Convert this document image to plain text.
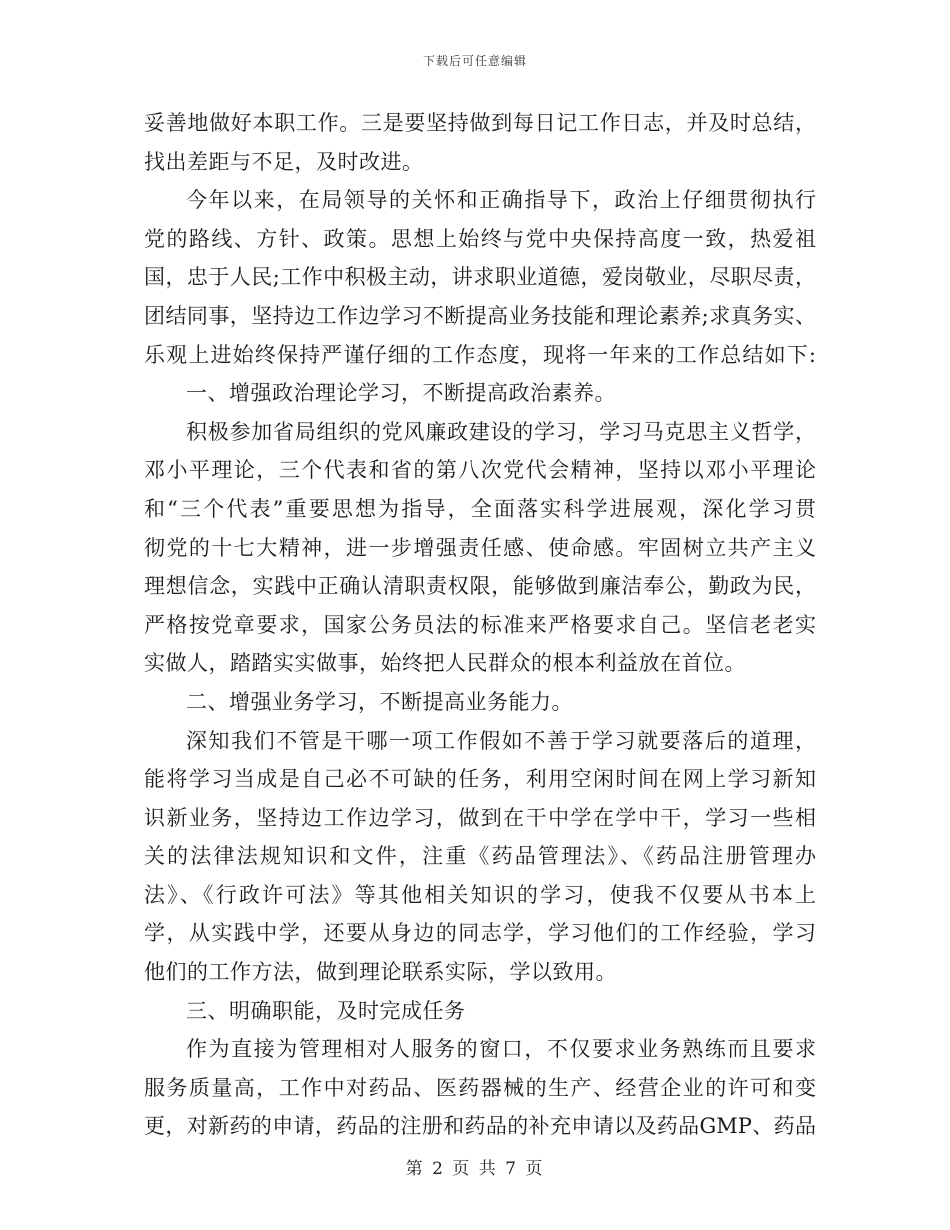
下载后可任意编辑
妥善地做好本职工作。三是要坚持做到每日记工作日志，并及时总结，
找出差距与不足，及时改进。
今年以来，在局领导的关怀和正确指导下，政治上仔细贯彻执行
党的路线、方针、政策。思想上始终与党中央保持高度一致，热爱祖
国，忠于人民;工作中积极主动，讲求职业道德，爱岗敬业，尽职尽责，
团结同事，坚持边工作边学习不断提高业务技能和理论素养;求真务实、
乐观上进始终保持严谨仔细的工作态度，现将一年来的工作总结如下:
一、增强政治理论学习，不断提高政治素养。
积极参加省局组织的党风廉政建设的学习，学习马克思主义哲学，
邓小平理论，三个代表和省的第八次党代会精神，坚持以邓小平理论
和“三个代表”重要思想为指导，全面落实科学进展观，深化学习贯
彻党的十七大精神，进一步增强责任感、使命感。牢固树立共产主义
理想信念，实践中正确认清职责权限，能够做到廉洁奉公，勤政为民，
严格按党章要求，国家公务员法的标准来严格要求自己。坚信老老实
实做人，踏踏实实做事，始终把人民群众的根本利益放在首位。
二、增强业务学习，不断提高业务能力。
深知我们不管是干哪一项工作假如不善于学习就要落后的道理，
能将学习当成是自己必不可缺的任务，利用空闲时间在网上学习新知
识新业务，坚持边工作边学习，做到在干中学在学中干，学习一些相
关的法律法规知识和文件，注重《药品管理法》、《药品注册管理办
法》、《行政许可法》等其他相关知识的学习，使我不仅要从书本上
学，从实践中学，还要从身边的同志学，学习他们的工作经验，学习
他们的工作方法，做到理论联系实际，学以致用。
三、明确职能，及时完成任务
作为直接为管理相对人服务的窗口，不仅要求业务熟练而且要求
服务质量高，工作中对药品、医药器械的生产、经营企业的许可和变
更，对新药的申请，药品的注册和药品的补充申请以及药品GMP、药品
第 2 页 共 7 页
